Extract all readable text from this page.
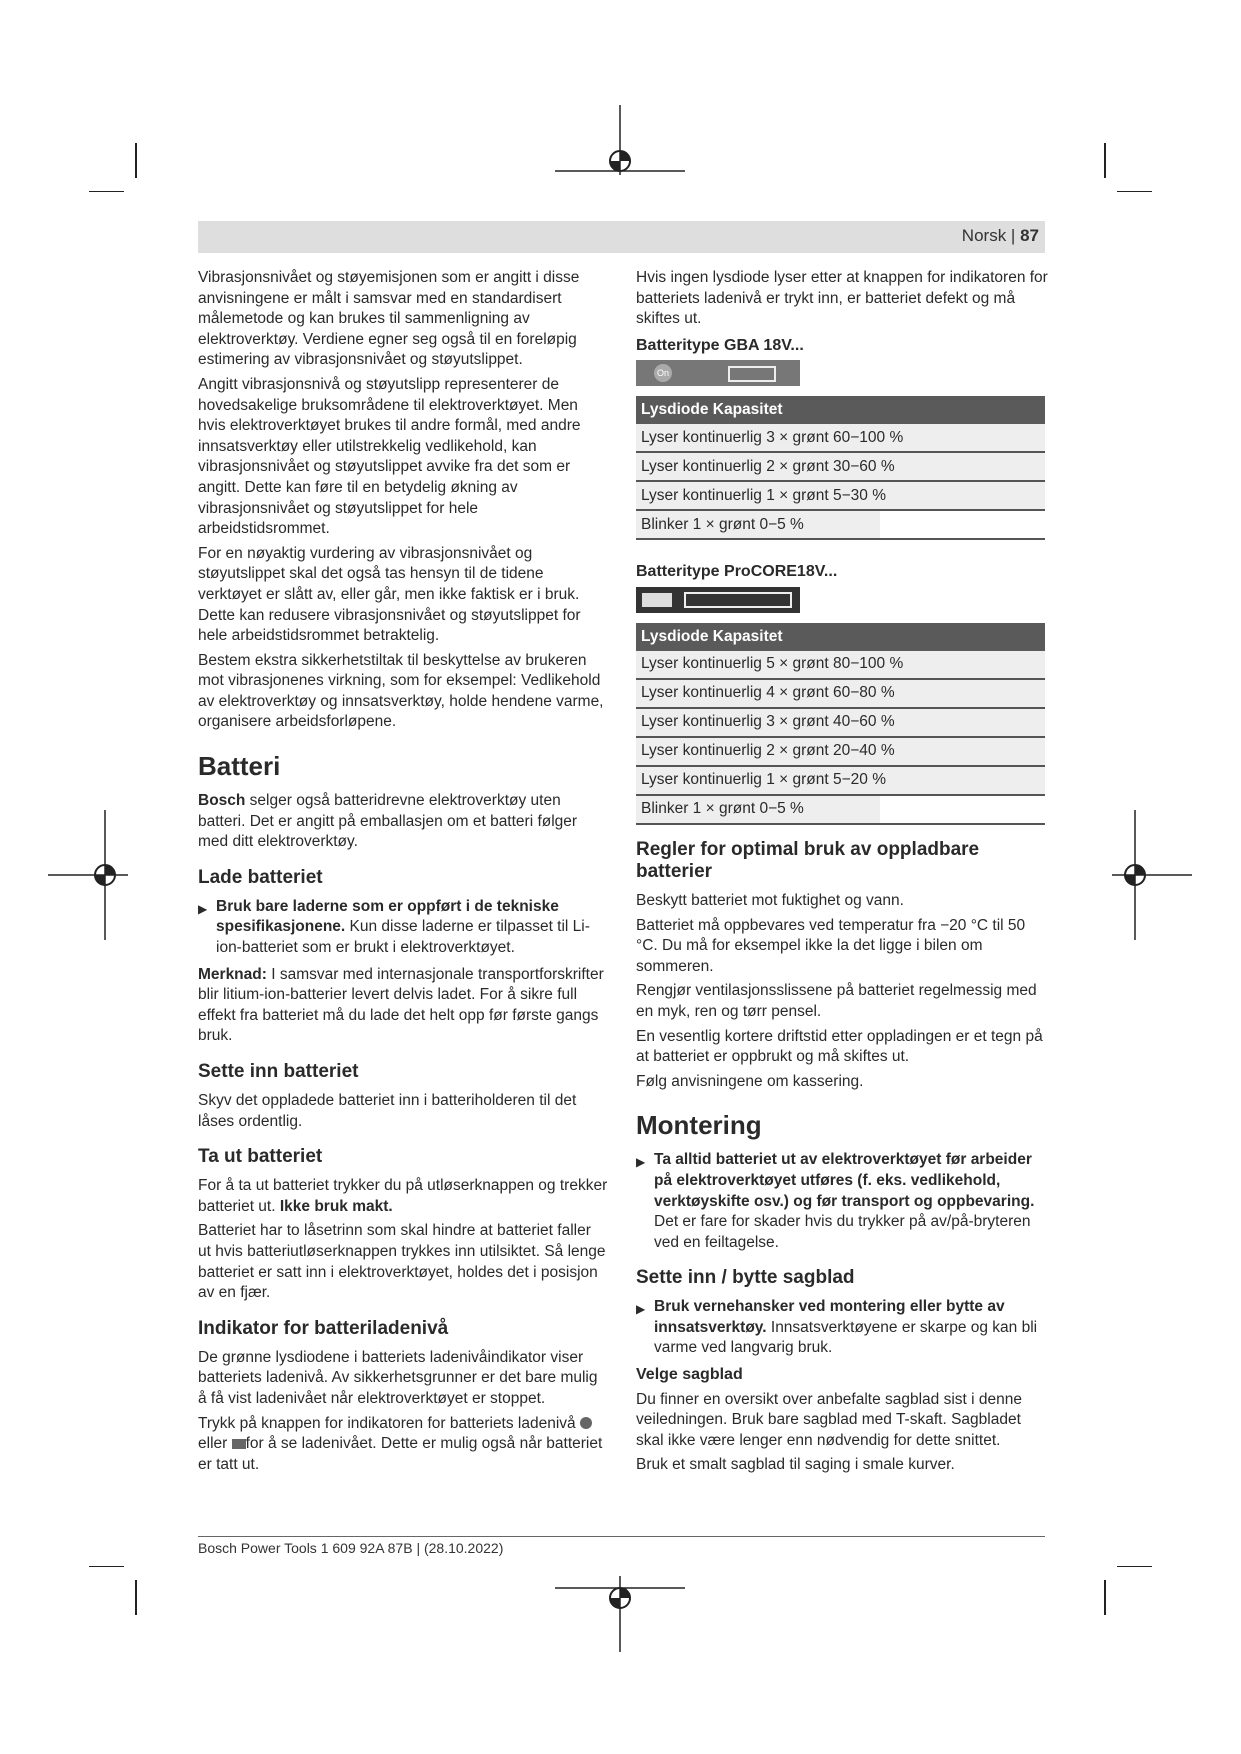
Norsk | 87

Vibrasjonsnivået og støyemisjonen som er angitt i disse anvisningene er målt i samsvar med en standardisert målemetode og kan brukes til sammenligning av elektroverktøy. Verdiene egner seg også til en foreløpig estimering av vibrasjonsnivået og støyutslippet.

Angitt vibrasjonsnivå og støyutslipp representerer de hovedsakelige bruksområdene til elektroverktøyet. Men hvis elektroverktøyet brukes til andre formål, med andre innsatsverktøy eller utilstrekkelig vedlikehold, kan vibrasjonsnivået og støyutslippet avvike fra det som er angitt. Dette kan føre til en betydelig økning av vibrasjonsnivået og støyutslippet for hele arbeidstidsrommet.

For en nøyaktig vurdering av vibrasjonsnivået og støyutslippet skal det også tas hensyn til de tidene verktøyet er slått av, eller går, men ikke faktisk er i bruk. Dette kan redusere vibrasjonsnivået og støyutslippet for hele arbeidstidsrommet betraktelig.

Bestem ekstra sikkerhetstiltak til beskyttelse av brukeren mot vibrasjonenes virkning, som for eksempel: Vedlikehold av elektroverktøy og innsatsverktøy, holde hendene varme, organisere arbeidsforløpene.

Batteri

Bosch selger også batteridrevne elektroverktøy uten batteri. Det er angitt på emballasjen om et batteri følger med ditt elektroverktøy.

Lade batteriet
▶ Bruk bare laderne som er oppført i de tekniske spesifikasjonene. Kun disse laderne er tilpasset til Li-ion-batteriet som er brukt i elektroverktøyet.

Merknad: I samsvar med internasjonale transportforskrifter blir litium-ion-batterier levert delvis ladet. For å sikre full effekt fra batteriet må du lade det helt opp før første gangs bruk.

Sette inn batteriet

Skyv det oppladede batteriet inn i batteriholderen til det låses ordentlig.

Ta ut batteriet

For å ta ut batteriet trykker du på utløserknappen og trekker batteriet ut. Ikke bruk makt.

Batteriet har to låsetrinn som skal hindre at batteriet faller ut hvis batteriutløserknappen trykkes inn utilsiktet. Så lenge batteriet er satt inn i elektroverktøyet, holdes det i posisjon av en fjær.

Indikator for batteriladenivå

De grønne lysdiodene i batteriets ladenivåindikator viser batteriets ladenivå. Av sikkerhetsgrunner er det bare mulig å få vist ladenivået når elektroverktøyet er stoppet.

Trykk på knappen for indikatoren for batteriets ladenivå  eller for å se ladenivået. Dette er mulig også når batteriet er tatt ut.

Hvis ingen lysdiode lyser etter at knappen for indikatoren for batteriets ladenivå er trykt inn, er batteriet defekt og må skiftes ut.

Batteritype GBA 18V...
On
Lysdiode Kapasitet
Lyser kontinuerlig 3 × grønt 60−100 %
Lyser kontinuerlig 2 × grønt 30−60 %
Lyser kontinuerlig 1 × grønt 5−30 %
Blinker 1 × grønt 0−5 %
Batteritype ProCORE18V...
Lysdiode Kapasitet
Lyser kontinuerlig 5 × grønt 80−100 %
Lyser kontinuerlig 4 × grønt 60−80 %
Lyser kontinuerlig 3 × grønt 40−60 %
Lyser kontinuerlig 2 × grønt 20−40 %
Lyser kontinuerlig 1 × grønt 5−20 %
Blinker 1 × grønt 0−5 %
Regler for optimal bruk av oppladbare batterier

Beskytt batteriet mot fuktighet og vann.

Batteriet må oppbevares ved temperatur fra −20 °C til 50 °C. Du må for eksempel ikke la det ligge i bilen om sommeren.

Rengjør ventilasjonsslissene på batteriet regelmessig med en myk, ren og tørr pensel.

En vesentlig kortere driftstid etter oppladingen er et tegn på at batteriet er oppbrukt og må skiftes ut.

Følg anvisningene om kassering.

Montering
▶ Ta alltid batteriet ut av elektroverktøyet før arbeider på elektroverktøyet utføres (f. eks. vedlikehold, verktøyskifte osv.) og før transport og oppbevaring. Det er fare for skader hvis du trykker på av/på-bryteren ved en feiltagelse.
Sette inn / bytte sagblad
▶ Bruk vernehansker ved montering eller bytte av innsatsverktøy. Innsatsverktøyene er skarpe og kan bli varme ved langvarig bruk.
Velge sagblad

Du finner en oversikt over anbefalte sagblad sist i denne veiledningen. Bruk bare sagblad med T-skaft. Sagbladet skal ikke være lenger enn nødvendig for dette snittet.

Bruk et smalt sagblad til saging i smale kurver.

Bosch Power Tools 1 609 92A 87B | (28.10.2022)
